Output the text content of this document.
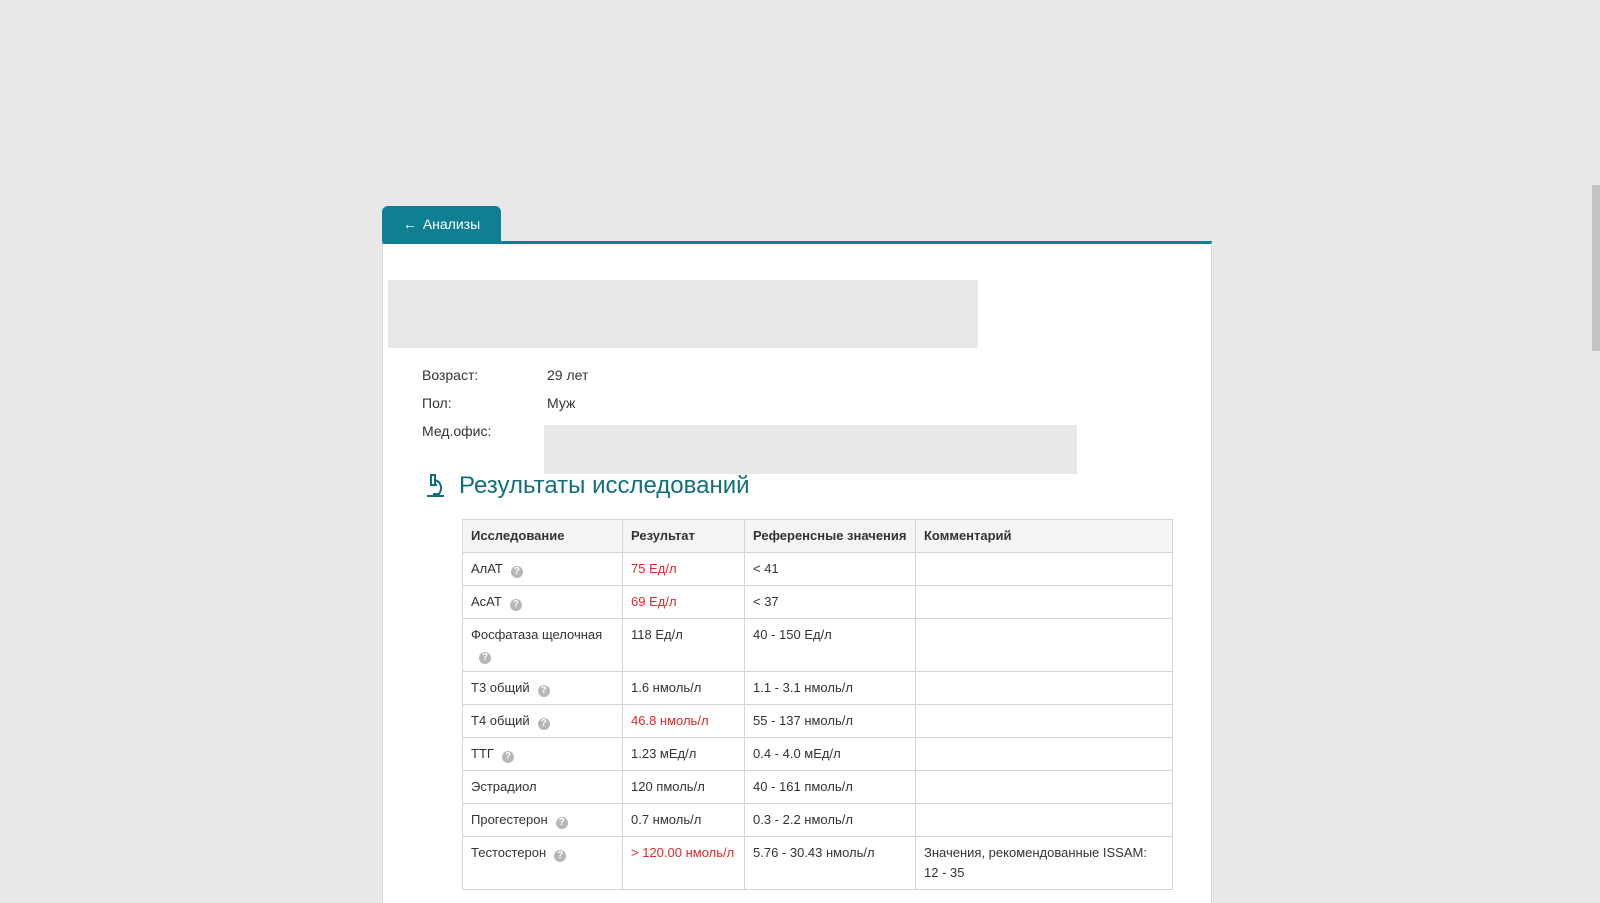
← Анализы
Возраст:	29 лет
Пол:	Муж
Мед.офис:
Результаты исследований
Исследование	Результат	Референсные значения	Комментарий
АлАТ ?	75 Ед/л	< 41	
АсАТ ?	69 Ед/л	< 37	
Фосфатаза щелочная?	118 Ед/л	40 - 150 Ед/л	
Т3 общий ?	1.6 нмоль/л	1.1 - 3.1 нмоль/л	
Т4 общий ?	46.8 нмоль/л	55 - 137 нмоль/л	
ТТГ ?	1.23 мЕд/л	0.4 - 4.0 мЕд/л	
Эстрадиол	120 пмоль/л	40 - 161 пмоль/л	
Прогестерон ?	0.7 нмоль/л	0.3 - 2.2 нмоль/л	
Тестостерон ?	> 120.00 нмоль/л	5.76 - 30.43 нмоль/л	Значения, рекомендованные ISSAM: 12 - 35
